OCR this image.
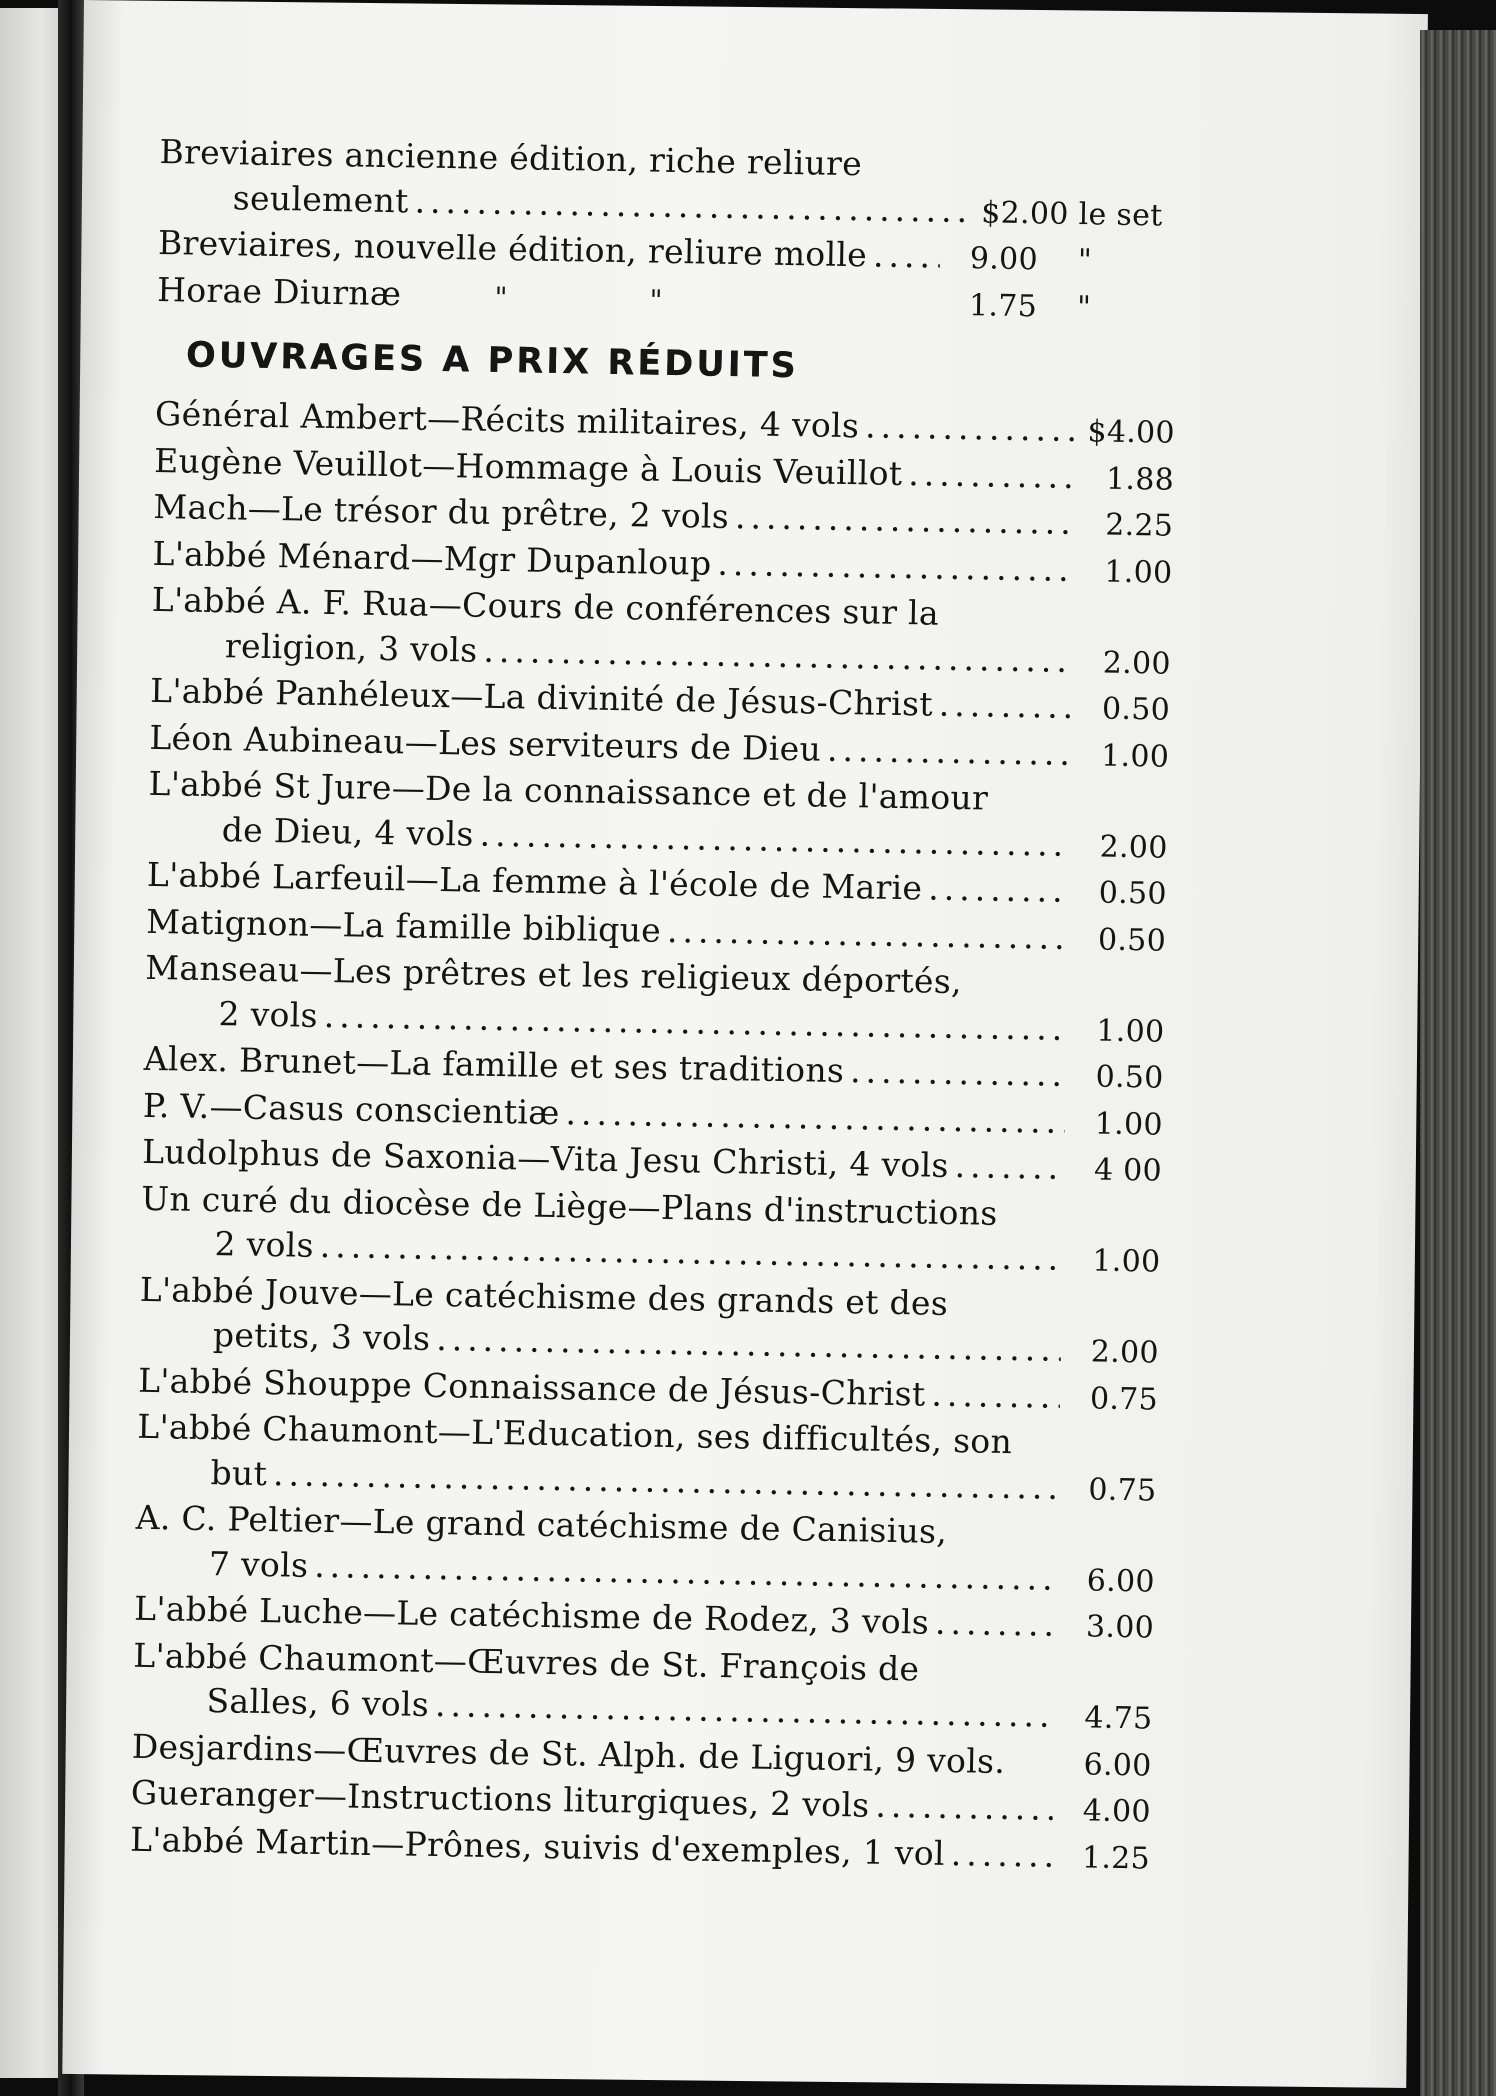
Breviaires ancienne édition, riche reliure
seulement .....	$2.00 le set
Breviaires, nouvelle édition, reliure molle .....	9.00	"
Horae Diurnæ	"	"	1.75	"
OUVRAGES A PRIX RÉDUITS
Général Ambert—Récits militaires, 4 vols .....	$4.00
Eugène Veuillot—Hommage à Louis Veuillot .....	1.88
Mach—Le trésor du prêtre, 2 vols .....	2.25
L'abbé Ménard—Mgr Dupanloup .....	1.00
L'abbé A. F. Rua—Cours de conférences sur la
religion, 3 vols .....	2.00
L'abbé Panhéleux—La divinité de Jésus-Christ .....	0.50
Léon Aubineau—Les serviteurs de Dieu .....	1.00
L'abbé St Jure—De la connaissance et de l'amour
de Dieu, 4 vols .....	2.00
L'abbé Larfeuil—La femme à l'école de Marie .....	0.50
Matignon—La famille biblique .....	0.50
Manseau—Les prêtres et les religieux déportés,
2 vols .....	1.00
Alex. Brunet—La famille et ses traditions .....	0.50
P. V.—Casus conscientiæ .....	1.00
Ludolphus de Saxonia—Vita Jesu Christi, 4 vols .....	4 00
Un curé du diocèse de Liège—Plans d'instructions
2 vols .....	1.00
L'abbé Jouve—Le catéchisme des grands et des
petits, 3 vols .....	2.00
L'abbé Shouppe Connaissance de Jésus-Christ .....	0.75
L'abbé Chaumont—L'Education, ses difficultés, son
but .....	0.75
A. C. Peltier—Le grand catéchisme de Canisius,
7 vols .....	6.00
L'abbé Luche—Le catéchisme de Rodez, 3 vols .....	3.00
L'abbé Chaumont—Œuvres de St. François de
Salles, 6 vols .....	4.75
Desjardins—Œuvres de St. Alph. de Liguori, 9 vols.	6.00
Gueranger—Instructions liturgiques, 2 vols .....	4.00
L'abbé Martin—Prônes, suivis d'exemples, 1 vol .....	1.25
